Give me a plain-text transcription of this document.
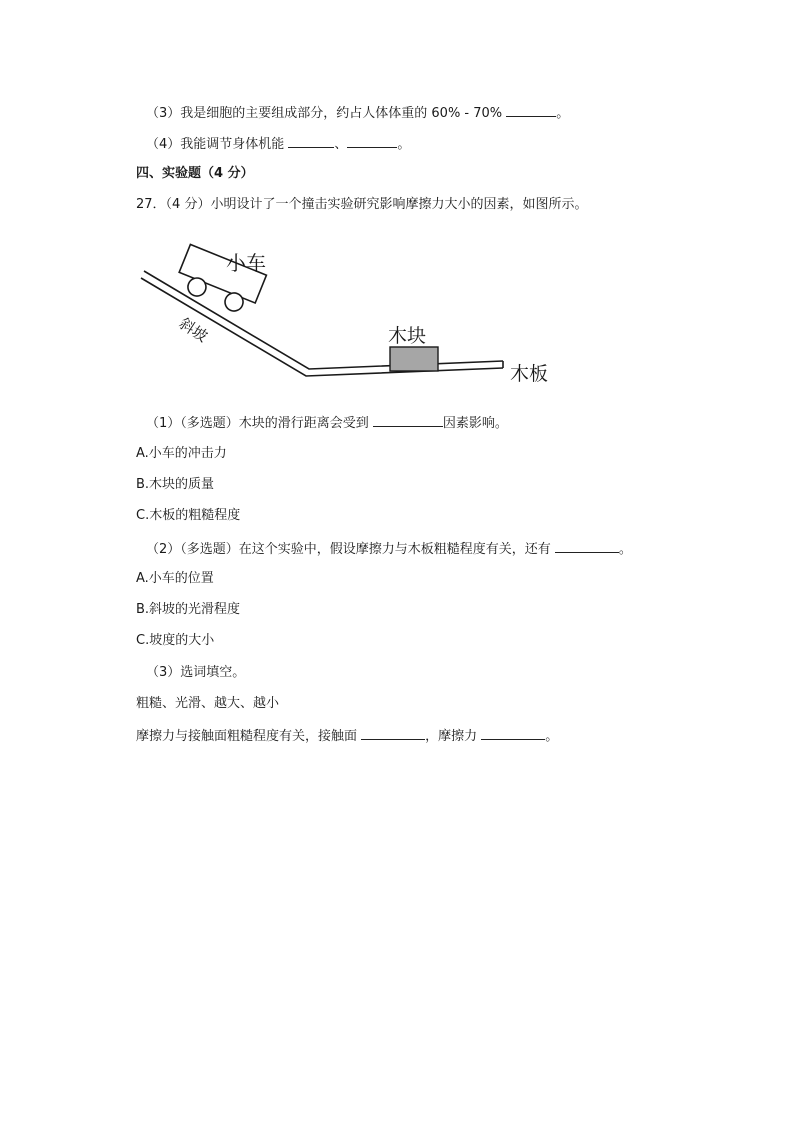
（3）我是细胞的主要组成部分，约占人体体重的 60% - 70%	。
（4）我能调节身体机能	、	。
四、实验题（4 分）
27．（4 分）小明设计了一个撞击实验研究影响摩擦力大小的因素，如图所示。
小车
斜坡	木块
木板
（1）（多选题）木块的滑行距离会受到	因素影响。
A.小车的冲击力
B.木块的质量
C.木板的粗糙程度
（2）（多选题）在这个实验中，假设摩擦力与木板粗糙程度有关，还有	。
A.小车的位置
B.斜坡的光滑程度
C.坡度的大小
（3）选词填空。
粗糙、光滑、越大、越小
摩擦力与接触面粗糙程度有关，接触面	，摩擦力	。
